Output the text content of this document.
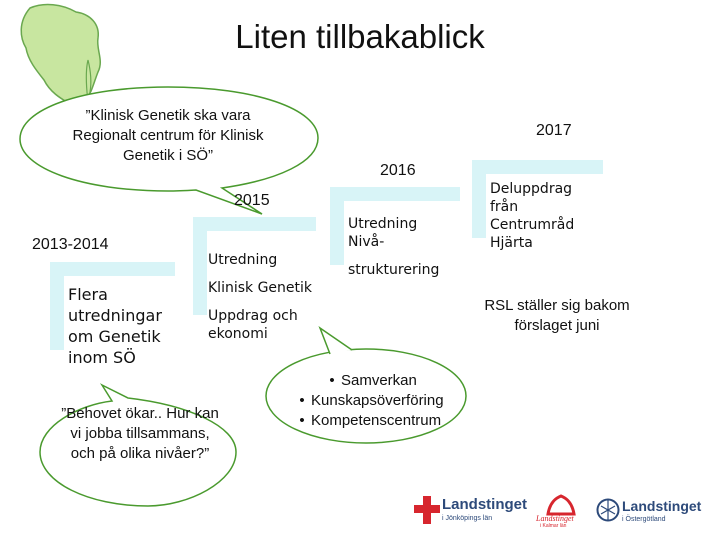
Liten tillbakablick
”Klinisk Genetik ska vara Regionalt centrum för Klinisk Genetik i SÖ”
2013-2014
Flera
utredningar
om Genetik
inom SÖ
2015
Utredning
Klinisk Genetik
Uppdrag och
ekonomi
2016
Utredning
Nivå-
strukturering
2017
Deluppdrag
från
Centrumråd
Hjärta
RSL ställer sig bakom förslaget juni
• Samverkan
• Kunskapsöverföring
• Kompetenscentrum
”Behovet ökar.. Hur kan vi jobba tillsammans, och på olika nivåer?”
Landstinget
i Jönköpings län	Landstinget
i Kalmar län
Landstinget
i Östergötland
